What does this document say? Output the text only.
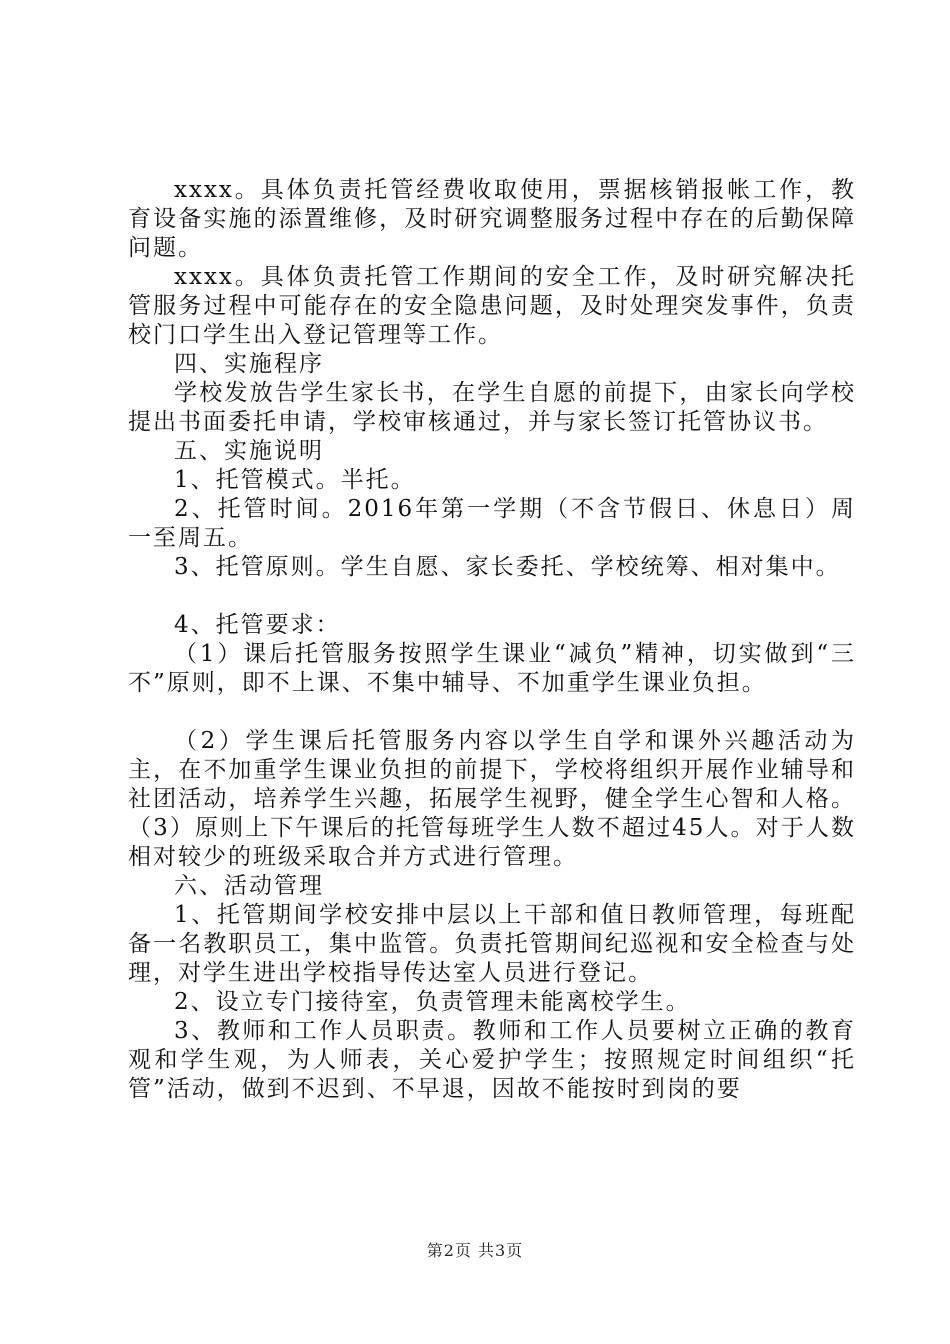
xxxx。具体负责托管经费收取使用，票据核销报帐工作，教育设备实施的添置维修，及时研究调整服务过程中存在的后勤保障问题。

xxxx。具体负责托管工作期间的安全工作，及时研究解决托管服务过程中可能存在的安全隐患问题，及时处理突发事件，负责校门口学生出入登记管理等工作。

四、实施程序

学校发放告学生家长书，在学生自愿的前提下，由家长向学校提出书面委托申请，学校审核通过，并与家长签订托管协议书。

五、实施说明

1、托管模式。半托。

2、托管时间。2016年第一学期（不含节假日、休息日）周一至周五。

3、托管原则。学生自愿、家长委托、学校统筹、相对集中。

4、托管要求：

（1）课后托管服务按照学生课业“减负”精神，切实做到“三不”原则，即不上课、不集中辅导、不加重学生课业负担。

（2）学生课后托管服务内容以学生自学和课外兴趣活动为主，在不加重学生课业负担的前提下，学校将组织开展作业辅导和社团活动，培养学生兴趣，拓展学生视野，健全学生心智和人格。（3）原则上下午课后的托管每班学生人数不超过45人。对于人数相对较少的班级采取合并方式进行管理。

六、活动管理

1、托管期间学校安排中层以上干部和值日教师管理，每班配备一名教职员工，集中监管。负责托管期间纪巡视和安全检查与处理，对学生进出学校指导传达室人员进行登记。

2、设立专门接待室，负责管理未能离校学生。

3、教师和工作人员职责。教师和工作人员要树立正确的教育观和学生观，为人师表，关心爱护学生；按照规定时间组织“托管”活动，做到不迟到、不早退，因故不能按时到岗的要

第2页 共3页
